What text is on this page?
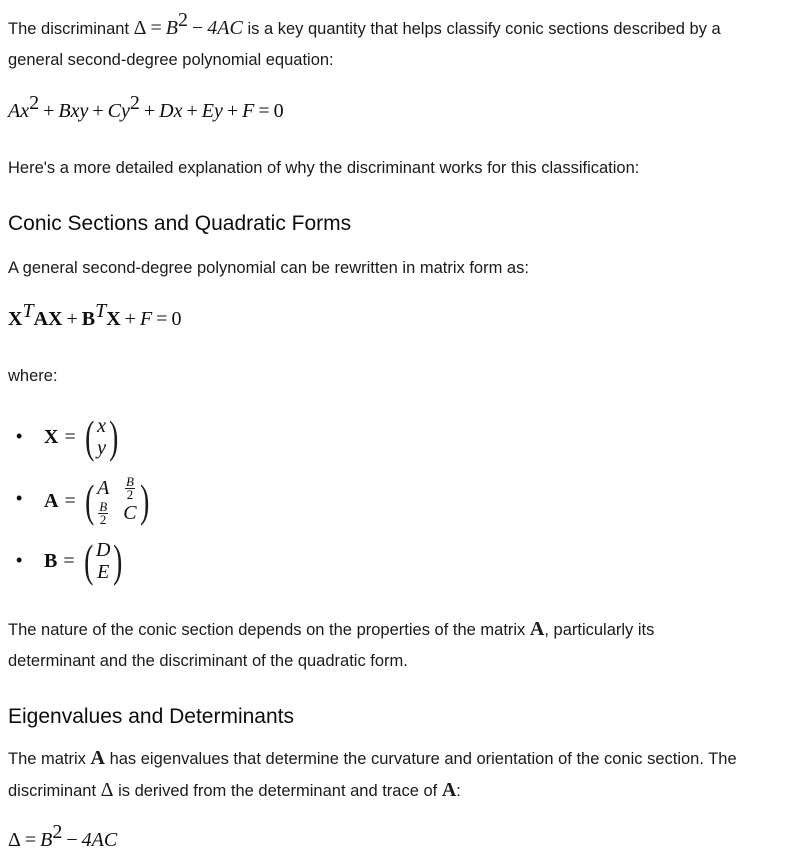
The discriminant $\Delta = B^2 - 4AC$ is a key quantity that helps classify conic sections described by a
general second-degree polynomial equation:
$Ax^2$ + Bxy + $Cy^2 + Dx + Ey + F = 0$
Here's a more detailed explanation of why the discriminant works for this classification:
Conic Sections and Quadratic Forms
A general second-degree polynomial can be rewritten in matrix form as:
$X^TAX + B^TX + F = 0$
where:
• X = ( x
y )
• A = ( A $\frac{B}{2}$
$\frac{B}{2}$ C )
• B = ( D
E )
The nature of the conic section depends on the properties of the matrix A, particularly its
determinant and the discriminant of the quadratic form.
Eigenvalues and Determinants
The matrix A has eigenvalues that determine the curvature and orientation of the conic section. The
discriminant Δ is derived from the determinant and trace of A:
$\Delta = B^2 - 4AC$
